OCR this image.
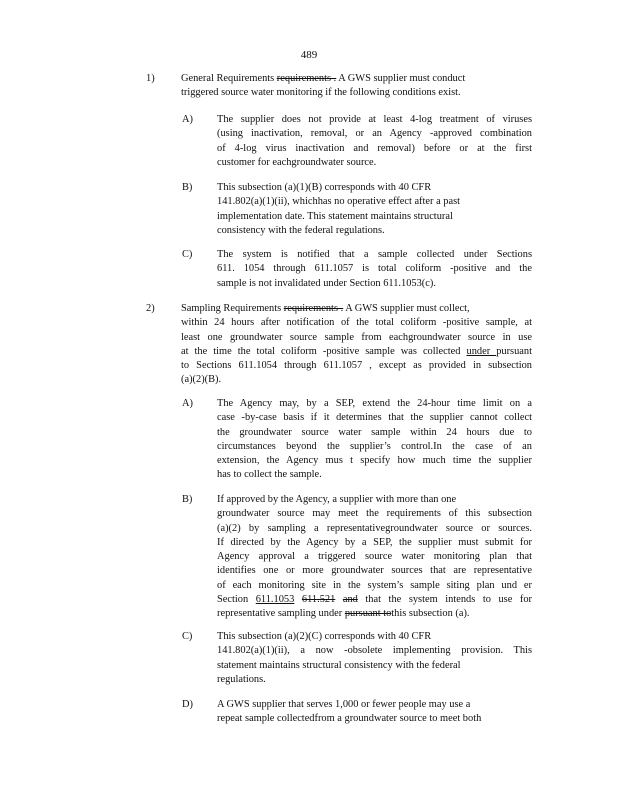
489
1)	General Requirements requirements . A GWS supplier must conduct
triggered source water monitoring if the following conditions exist.
A) The supplier does not provide at least 4-log treatment of viruses
(using inactivation, removal, or an Agency -approved combination
of 4-log virus inactivation and removal) before or at the first
customer for eachgroundwater source.
B) This subsection (a)(1)(B) corresponds with 40 CFR
141.802(a)(1)(ii), whichhas no operative effect after a past
implementation date. This statement maintains structural
consistency with the federal regulations.
C) The system is notified that a sample collected under Sections
611. 1054 through 611.1057 is total coliform -positive and the
sample is not invalidated under Section 611.1053(c).
2)	Sampling Requirements requirements . A GWS supplier must collect,
within 24 hours after notification of the total coliform -positive sample, at
least one groundwater source sample from eachgroundwater source in use
at the time the total coliform -positive sample was collected under pursuant
to Sections 611.1054 through 611.1057 , except as provided in subsection
(a)(2)(B).
A) The Agency may, by a SEP, extend the 24-hour time limit on a
case -by-case basis if it determines that the supplier cannot collect
the groundwater source water sample within 24 hours due to
circumstances beyond the supplier’s control.In the case of an
extension, the Agency mus t specify how much time the supplier
has to collect the sample.
B) If approved by the Agency, a supplier with more than one
groundwater source may meet the requirements of this subsection
(a)(2) by sampling a representativegroundwater source or sources.
If directed by the Agency by a SEP, the supplier must submit for
Agency approval a triggered source water monitoring plan that
identifies one or more groundwater sources that are representative
of each monitoring site in the system’s sample siting plan und er
Section 611.1053 611.521 and that the system intends to use for
representative sampling under pursuant tothis subsection (a).
C) This subsection (a)(2)(C) corresponds with 40 CFR
141.802(a)(1)(ii), a now -obsolete implementing provision. This
statement maintains structural consistency with the federal
regulations.
D) A GWS supplier that serves 1,000 or fewer people may use a
repeat sample collectedfrom a groundwater source to meet both
